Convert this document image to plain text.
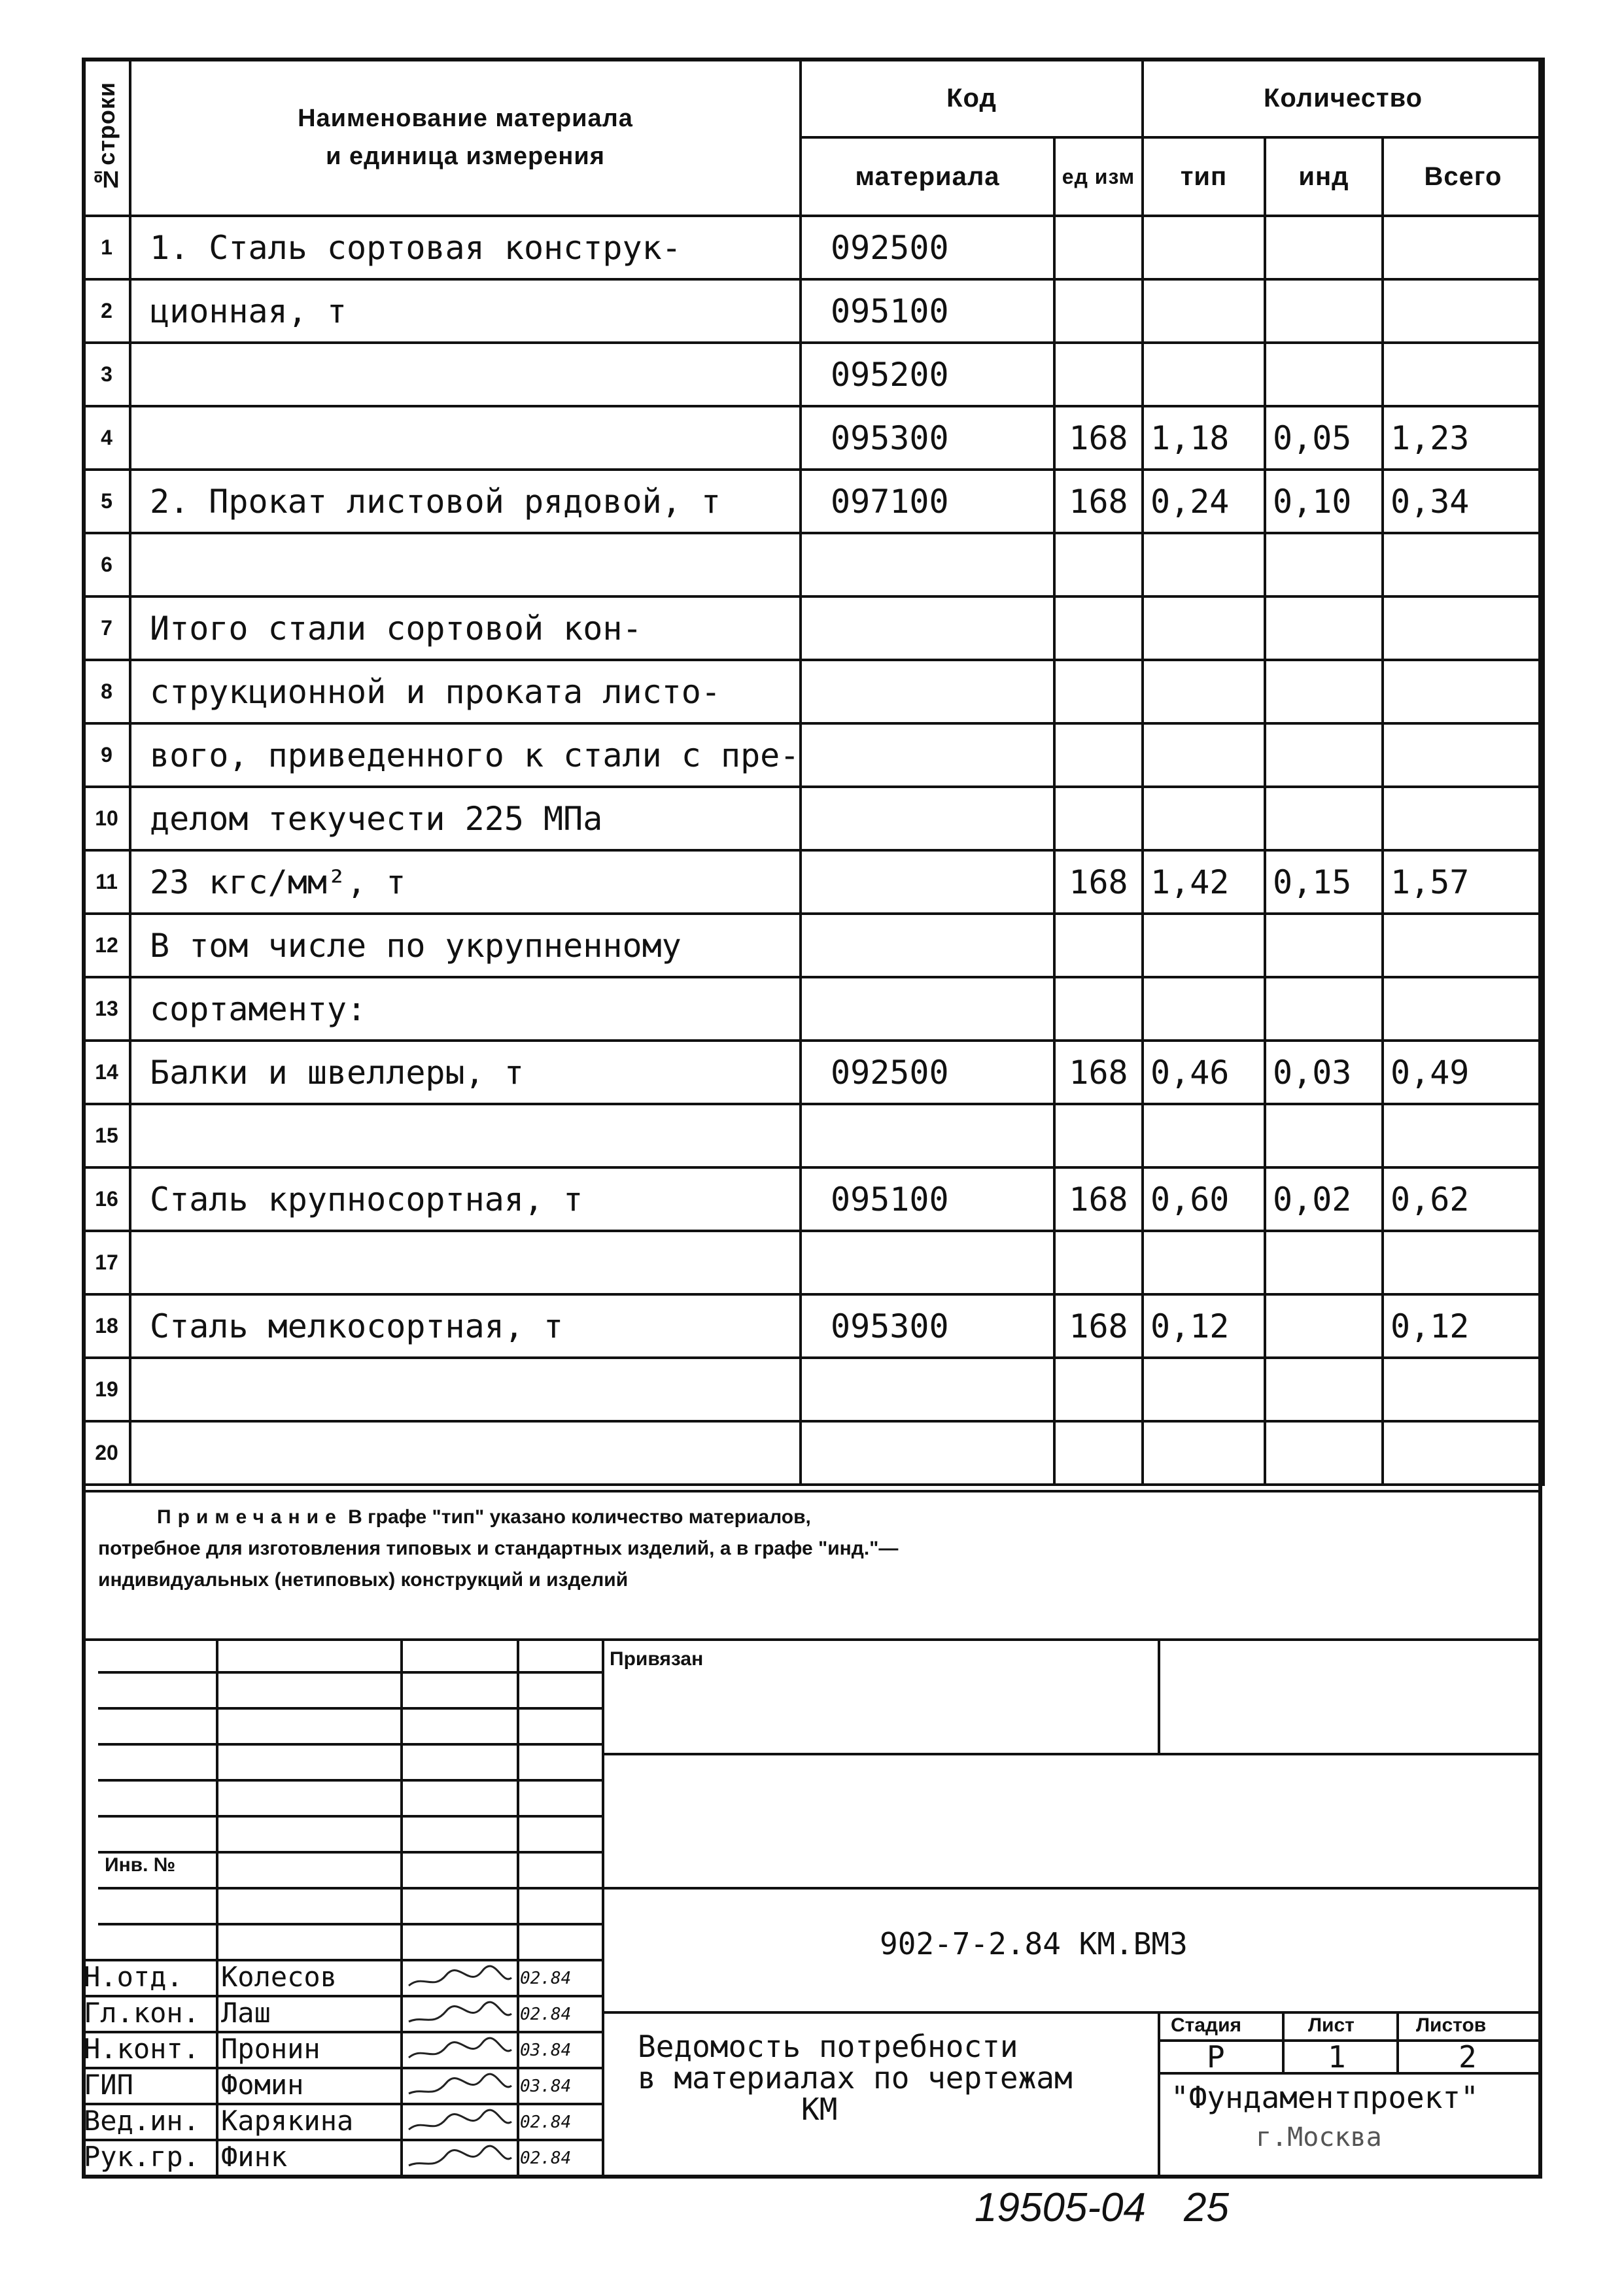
№строки	Наименование материала
и единица измерения	Код		Количество		
		материала	ед изм	тип	инд	Всего
1	1. Сталь сортовая конструк-	092500				
2	ционная, т	095100				
3		095200				
4		095300	168	1,18	0,05	1,23
5	2. Прокат листовой рядовой, т	097100	168	0,24	0,10	0,34
6						
7	Итого стали сортовой кон-					
8	струкционной и проката листо-					
9	вого, приведенного к стали с пре-					
10	делом текучести 225 МПа					
11	23 кгс/мм², т		168	1,42	0,15	1,57
12	В том числе по укрупненному					
13	сортаменту:					
14	Балки и швеллеры, т	092500	168	0,46	0,03	0,49
15						
16	Сталь крупносортная, т	095100	168	0,60	0,02	0,62
17						
18	Сталь мелкосортная, т	095300	168	0,12		0,12
19						
20						
Примечание В графе "тип" указано количество материалов, потребное для изготовления типовых и стандартных изделий, а в графе "инд."— индивидуальных (нетиповых) конструкций и изделий
Привязан
Инв. №
902-7-2.84 КМ.ВМ3
Ведомость потребности
в материалах по чертежам
КМ
Стадия	Лист	Листов
Р	1	2
"Фундаментпроект"
г.Москва
Н.отд. Колесов	02.84
Гл.кон. Лаш	02.84
Н.конт. Пронин	03.84
ГИП	Фомин	03.84
Вед.ин. Карякина	02.84
Рук.гр. Финк	02.84
19505-04 25
